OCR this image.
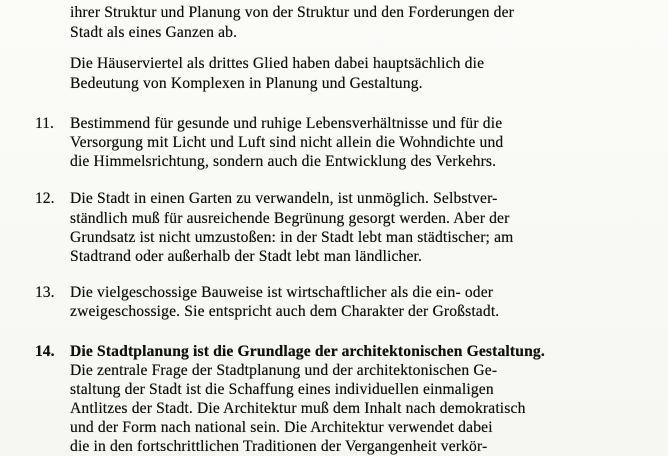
ihrer Struktur und Planung von der Struktur und den Forderungen der
Stadt als eines Ganzen ab.
Die Häuserviertel als drittes Glied haben dabei hauptsächlich die
Bedeutung von Komplexen in Planung und Gestaltung.
11. Bestimmend für gesunde und ruhige Lebensverhältnisse und für die
Versorgung mit Licht und Luft sind nicht allein die Wohndichte und
die Himmelsrichtung, sondern auch die Entwicklung des Verkehrs.
12. Die Stadt in einen Garten zu verwandeln, ist unmöglich. Selbstver-
ständlich muß für ausreichende Begrünung gesorgt werden. Aber der
Grundsatz ist nicht umzustoßen: in der Stadt lebt man städtischer; am
Stadtrand oder außerhalb der Stadt lebt man ländlicher.
13. Die vielgeschossige Bauweise ist wirtschaftlicher als die ein- oder
zweigeschossige. Sie entspricht auch dem Charakter der Großstadt.
14. Die Stadtplanung ist die Grundlage der architektonischen Gestaltung.
Die zentrale Frage der Stadtplanung und der architektonischen Ge-
staltung der Stadt ist die Schaffung eines individuellen einmaligen
Antlitzes der Stadt. Die Architektur muß dem Inhalt nach demokratisch
und der Form nach national sein. Die Architektur verwendet dabei
die in den fortschrittlichen Traditionen der Vergangenheit verkör-
